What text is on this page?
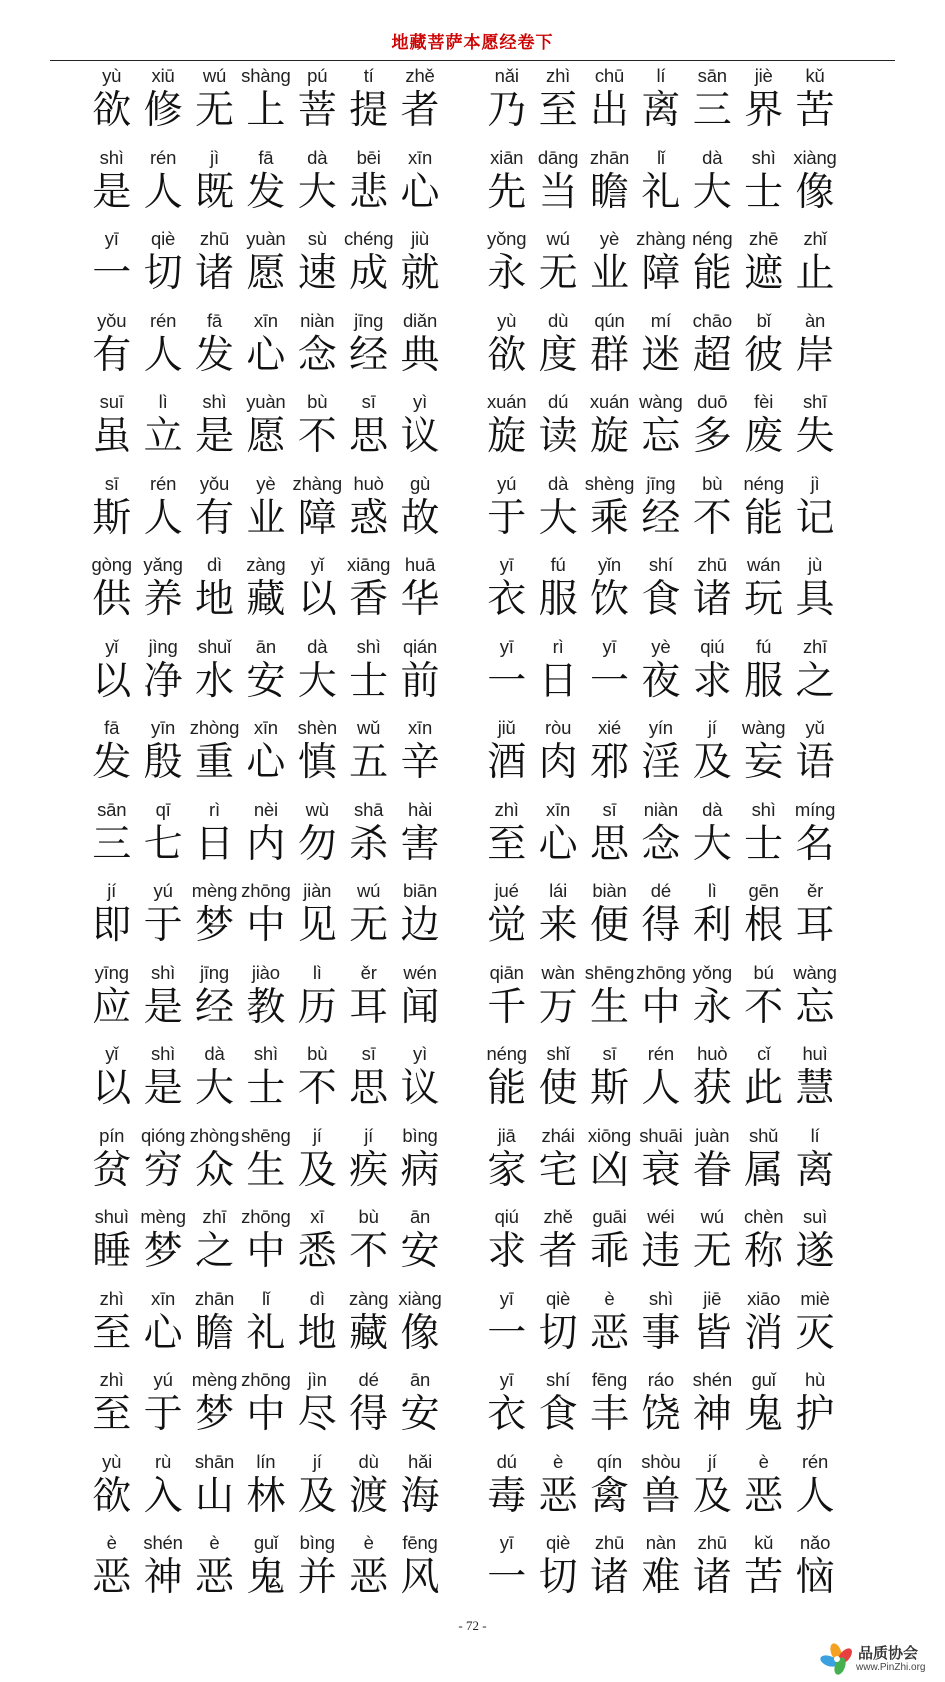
地藏菩萨本愿经卷下
yù	xiū	wú shàng pú	tí	zhě
欲 修 无 上 菩 提 者
shì	rén	jì	fā	dà	bēi	xīn
是 人 既 发 大 悲 心
yī	qiè	zhū yuàn	sù chéng jiù
一 切 诸 愿 速 成 就
yǒu	rén	fā	xīn	niàn	jīng	diǎn
有 人 发 心 念 经 典
suī	lì	shì	yuàn	bù	sī	yì
虽 立 是 愿 不 思 议
sī	rén	yǒu	yè zhàng huò	gù
斯 人 有 业 障 惑 故
gòng yǎng	dì	zàng	yǐ	xiāng huā
供 养 地 藏 以 香 华
yǐ	jìng	shuǐ	ān	dà	shì	qián
以 净 水 安 大 士 前
fā	yīn zhòng xīn	shèn	wǔ	xīn
发 殷 重 心 慎 五 辛
sān	qī	rì	nèi	wù	shā	hài
三 七 日 内 勿 杀 害
jí	yú	mèng zhōng jiàn	wú	biān
即 于 梦 中 见 无 边
yīng	shì	jīng	jiào	lì	ěr	wén
应 是 经 教 历 耳 闻
yǐ	shì	dà	shì	bù	sī	yì
以 是 大 士 不 思 议
pín qióng zhòng shēng	jí	jí	bìng
贫 穷 众 生 及 疾 病
shuì mèng zhī zhōng	xī	bù	ān
睡 梦 之 中 悉 不 安
zhì	xīn	zhān	lǐ	dì	zàng xiàng
至 心 瞻 礼 地 藏 像
zhì	yú	mèng zhōng jìn	dé	ān
至 于 梦 中 尽 得 安
yù	rù	shān	lín	jí	dù	hǎi
欲 入 山 林 及 渡 海
è	shén	è	guǐ	bìng	è	fēng
恶 神 恶 鬼 并 恶 风
nǎi	zhì	chū	lí	sān	jiè	kǔ
乃 至 出 离 三 界 苦
xiān dāng zhān	lǐ	dà	shì xiàng
先 当 瞻 礼 大 士 像
yǒng	wú	yè zhàng néng zhē	zhǐ
永 无 业 障 能 遮 止
yù	dù	qún	mí	chāo	bǐ	àn
欲 度 群 迷 超 彼 岸
xuán	dú	xuán wàng duō	fèi	shī
旋 读 旋 忘 多 废 失
yú	dà shèng jīng	bù	néng	jì
于 大 乘 经 不 能 记
yī	fú	yǐn	shí	zhū	wán	jù
衣 服 饮 食 诸 玩 具
yī	rì	yī	yè	qiú	fú	zhī
一 日 一 夜 求 服 之
jiǔ	ròu	xié	yín	jí	wàng	yǔ
酒 肉 邪 淫 及 妄 语
zhì	xīn	sī	niàn	dà	shì	míng
至 心 思 念 大 士 名
jué	lái	biàn	dé	lì	gēn	ěr
觉 来 便 得 利 根 耳
qiān wàn shēng zhōng yǒng	bú	wàng
千 万 生 中 永 不 忘
néng	shǐ	sī	rén	huò	cǐ	huì
能 使 斯 人 获 此 慧
jiā	zhái xiōng shuāi juàn	shǔ	lí
家 宅 凶 衰 眷 属 离
qiú	zhě	guāi	wéi	wú	chèn	suì
求 者 乖 违 无 称 遂
yī	qiè	è	shì	jiē	xiāo	miè
一 切 恶 事 皆 消 灭
yī	shí	fēng	ráo	shén	guǐ	hù
衣 食 丰 饶 神 鬼 护
dú	è	qín	shòu	jí	è	rén
毒 恶 禽 兽 及 恶 人
yī	qiè	zhū	nàn	zhū	kǔ	nǎo
一 切 诸 难 诸 苦 恼
- 72 -
品质协会
www.PinZhi.org
